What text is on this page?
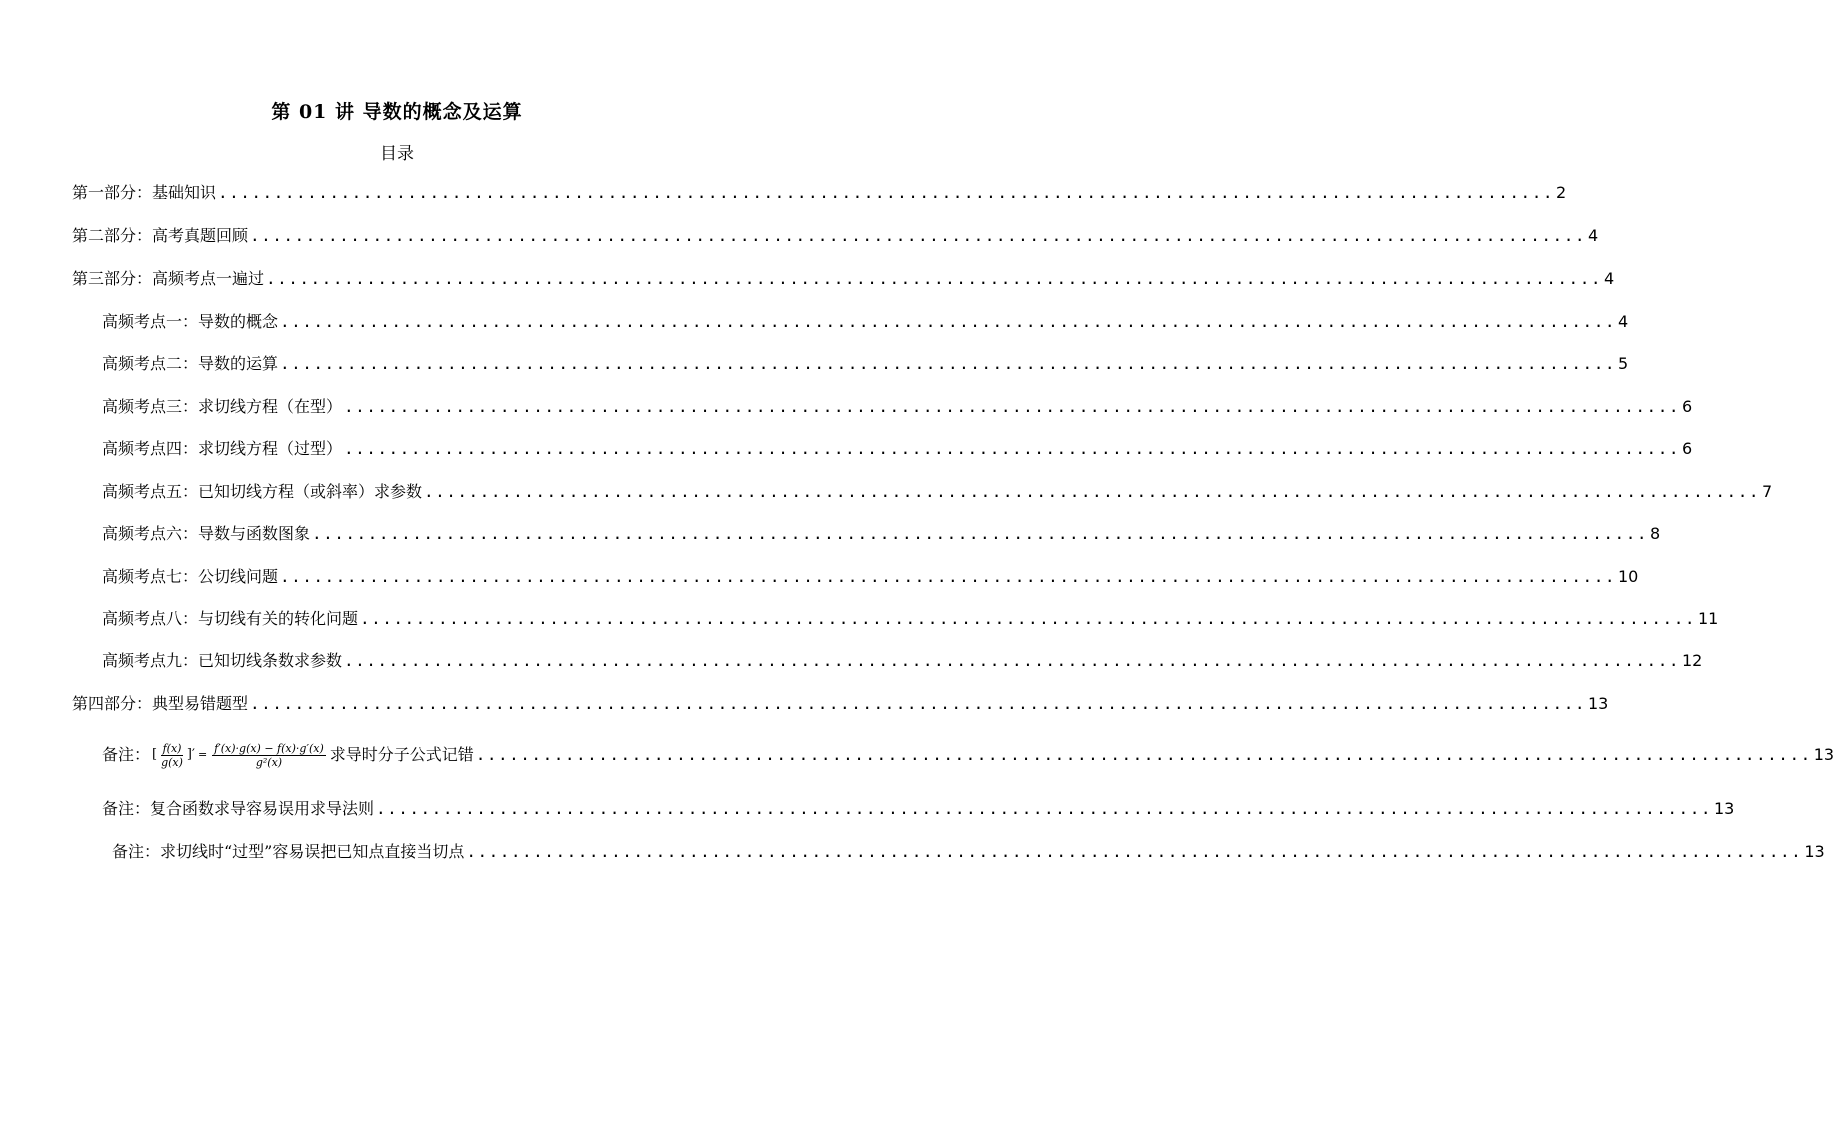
第 01 讲 导数的概念及运算
目录
第一部分：基础知识 ........................................................................................................................ 2
第二部分：高考真题回顾 ........................................................................................................................ 4
第三部分：高频考点一遍过 ........................................................................................................................ 4
高频考点一：导数的概念 ........................................................................................................................ 4
高频考点二：导数的运算 ........................................................................................................................ 5
高频考点三：求切线方程（在型） ........................................................................................................................ 6
高频考点四：求切线方程（过型） ........................................................................................................................ 6
高频考点五：已知切线方程（或斜率）求参数 ........................................................................................................................ 7
高频考点六：导数与函数图象 ........................................................................................................................ 8
高频考点七：公切线问题 ........................................................................................................................ 10
高频考点八：与切线有关的转化问题 ........................................................................................................................ 11
高频考点九：已知切线条数求参数 ........................................................................................................................ 12
第四部分：典型易错题型 ........................................................................................................................ 13
备注： [ $\frac{f(x)}{g(x)}$ ]′ = $\frac{f'(x)\cdot g(x) - f(x)\cdot g'(x)}{\text{g²(x)}}$ 求导时分子公式记错 ........................................................................................................................ 13
备注：复合函数求导容易误用求导法则 ........................................................................................................................ 13
备注：求切线时“过型”容易误把已知点直接当切点 ........................................................................................................................ 13
